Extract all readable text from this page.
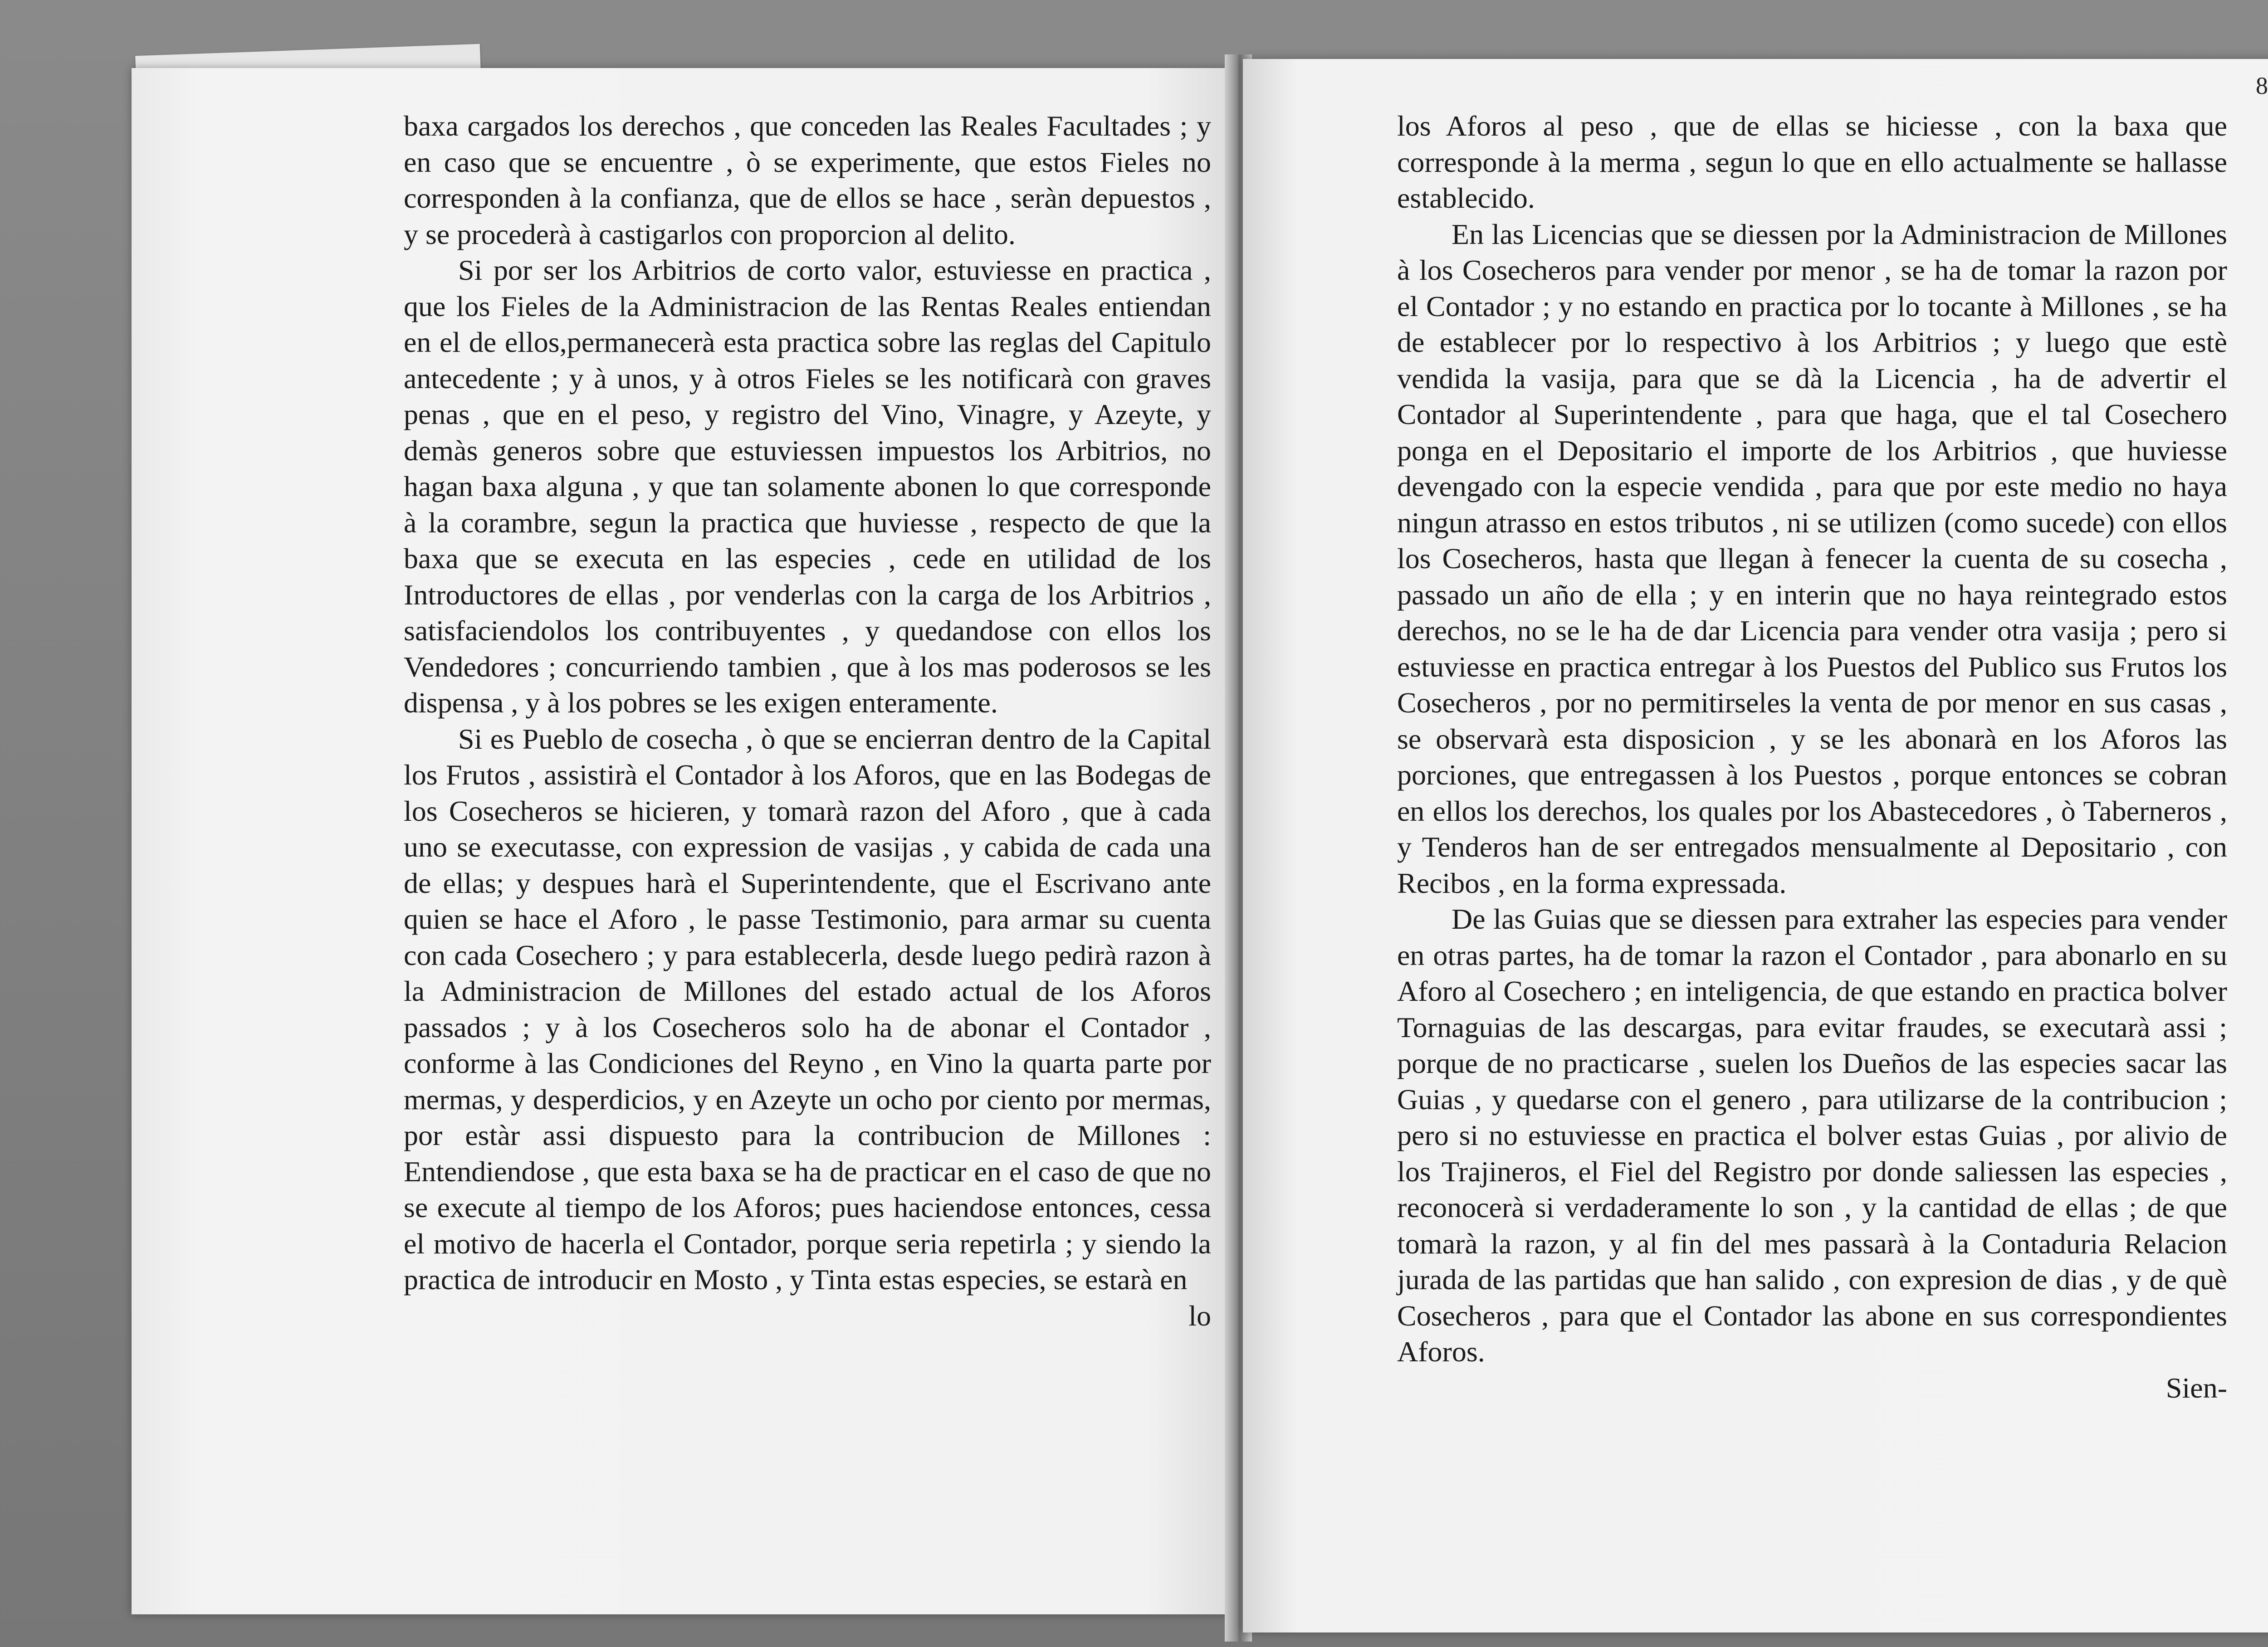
baxa cargados los derechos , que conceden las Reales Facultades ; y en caso que se encuentre , ò se experimente, que estos Fieles no corresponden à la confianza, que de ellos se hace , seràn depuestos , y se procederà à castigarlos con proporcion al delito.

Si por ser los Arbitrios de corto valor, estuviesse en practica , que los Fieles de la Administracion de las Rentas Reales entiendan en el de ellos,permanecerà esta practica sobre las reglas del Capitulo antecedente ; y à unos, y à otros Fieles se les notificarà con graves penas , que en el peso, y registro del Vino, Vinagre, y Azeyte, y demàs generos sobre que estuviessen impuestos los Arbitrios, no hagan baxa alguna , y que tan solamente abonen lo que corresponde à la corambre, segun la practica que huviesse , respecto de que la baxa que se executa en las especies , cede en utilidad de los Introductores de ellas , por venderlas con la carga de los Arbitrios , satisfaciendolos los contribuyentes , y quedandose con ellos los Vendedores ; concurriendo tambien , que à los mas poderosos se les dispensa , y à los pobres se les exigen enteramente.

Si es Pueblo de cosecha , ò que se encierran dentro de la Capital los Frutos , assistirà el Contador à los Aforos, que en las Bodegas de los Cosecheros se hicieren, y tomarà razon del Aforo , que à cada uno se executasse, con expression de vasijas , y cabida de cada una de ellas; y despues harà el Superintendente, que el Escrivano ante quien se hace el Aforo , le passe Testimonio, para armar su cuenta con cada Cosechero ; y para establecerla, desde luego pedirà razon à la Administracion de Millones del estado actual de los Aforos passados ; y à los Cosecheros solo ha de abonar el Contador , conforme à las Condiciones del Reyno , en Vino la quarta parte por mermas, y desperdicios, y en Azeyte un ocho por ciento por mermas, por estàr assi dispuesto para la contribucion de Millones : Entendiendose , que esta baxa se ha de practicar en el caso de que no se execute al tiempo de los Aforos; pues haciendose entonces, cessa el motivo de hacerla el Contador, porque seria repetirla ; y siendo la practica de introducir en Mosto , y Tinta estas especies, se estarà en

lo

8

los Aforos al peso , que de ellas se hiciesse , con la baxa que corresponde à la merma , segun lo que en ello actualmente se hallasse establecido.

En las Licencias que se diessen por la Administracion de Millones à los Cosecheros para vender por menor , se ha de tomar la razon por el Contador ; y no estando en practica por lo tocante à Millones , se ha de establecer por lo respectivo à los Arbitrios ; y luego que estè vendida la vasija, para que se dà la Licencia , ha de advertir el Contador al Superintendente , para que haga, que el tal Cosechero ponga en el Depositario el importe de los Arbitrios , que huviesse devengado con la especie vendida , para que por este medio no haya ningun atrasso en estos tributos , ni se utilizen (como sucede) con ellos los Cosecheros, hasta que llegan à fenecer la cuenta de su cosecha , passado un año de ella ; y en interin que no haya reintegrado estos derechos, no se le ha de dar Licencia para vender otra vasija ; pero si estuviesse en practica entregar à los Puestos del Publico sus Frutos los Cosecheros , por no permitirseles la venta de por menor en sus casas , se observarà esta disposicion , y se les abonarà en los Aforos las porciones, que entregassen à los Puestos , porque entonces se cobran en ellos los derechos, los quales por los Abastecedores , ò Taberneros , y Tenderos han de ser entregados mensualmente al Depositario , con Recibos , en la forma expressada.

De las Guias que se diessen para extraher las especies para vender en otras partes, ha de tomar la razon el Contador , para abonarlo en su Aforo al Cosechero ; en inteligencia, de que estando en practica bolver Tornaguias de las descargas, para evitar fraudes, se executarà assi ; porque de no practicarse , suelen los Dueños de las especies sacar las Guias , y quedarse con el genero , para utilizarse de la contribucion ; pero si no estuviesse en practica el bolver estas Guias , por alivio de los Trajineros, el Fiel del Registro por donde saliessen las especies , reconocerà si verdaderamente lo son , y la cantidad de ellas ; de que tomarà la razon, y al fin del mes passarà à la Contaduria Relacion jurada de las partidas que han salido , con expresion de dias , y de què Cosecheros , para que el Contador las abone en sus correspondientes Aforos.

Sien-
